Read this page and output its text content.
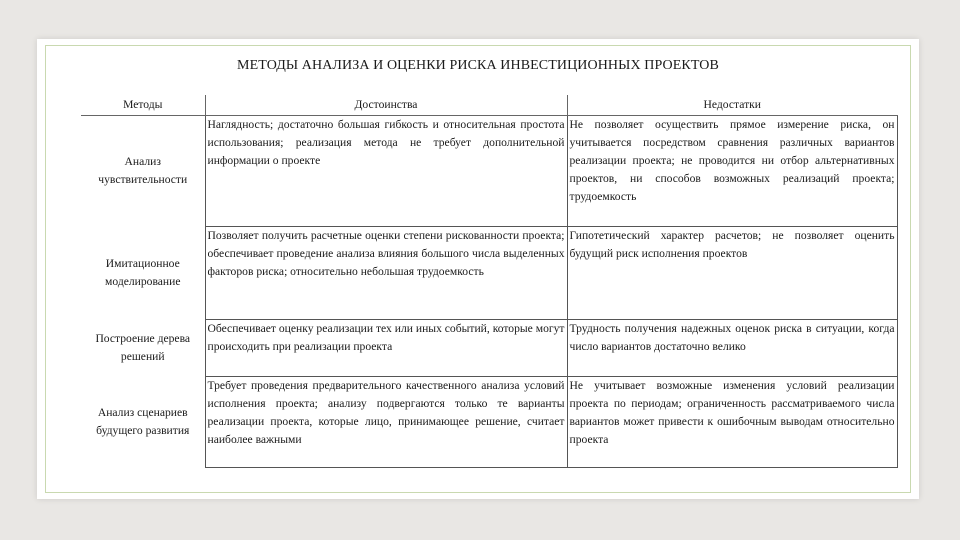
МЕТОДЫ АНАЛИЗА И ОЦЕНКИ РИСКА ИНВЕСТИЦИОННЫХ ПРОЕКТОВ
Методы	Достоинства	Недостатки
Анализ чувствительности	Наглядность; достаточно большая гибкость и относительная простота использования; реализация метода не требует дополнительной информации о проекте	Не позволяет осуществить прямое измерение риска, он учитывается посредством сравнения различных вариантов реализации проекта; не проводится ни отбор альтернативных проектов, ни способов возможных реализаций проекта; трудоемкость
Имитационное моделирование	Позволяет получить расчетные оценки степени рискованности проекта; обеспечивает проведение анализа влияния большого числа выделенных факторов риска; относительно небольшая трудоемкость	Гипотетический характер расчетов; не позволяет оценить будущий риск исполнения проектов
Построение дерева решений	Обеспечивает оценку реализации тех или иных событий, которые могут происходить при реализации проекта	Трудность получения надежных оценок риска в ситуации, когда число вариантов достаточно велико
Анализ сценариев будущего развития	Требует проведения предварительного качественного анализа условий исполнения проекта; анализу подвергаются только те варианты реализации проекта, которые лицо, принимающее решение, считает наиболее важными	Не учитывает возможные изменения условий реализации проекта по периодам; ограниченность рассматриваемого числа вариантов может привести к ошибочным выводам относительно проекта
